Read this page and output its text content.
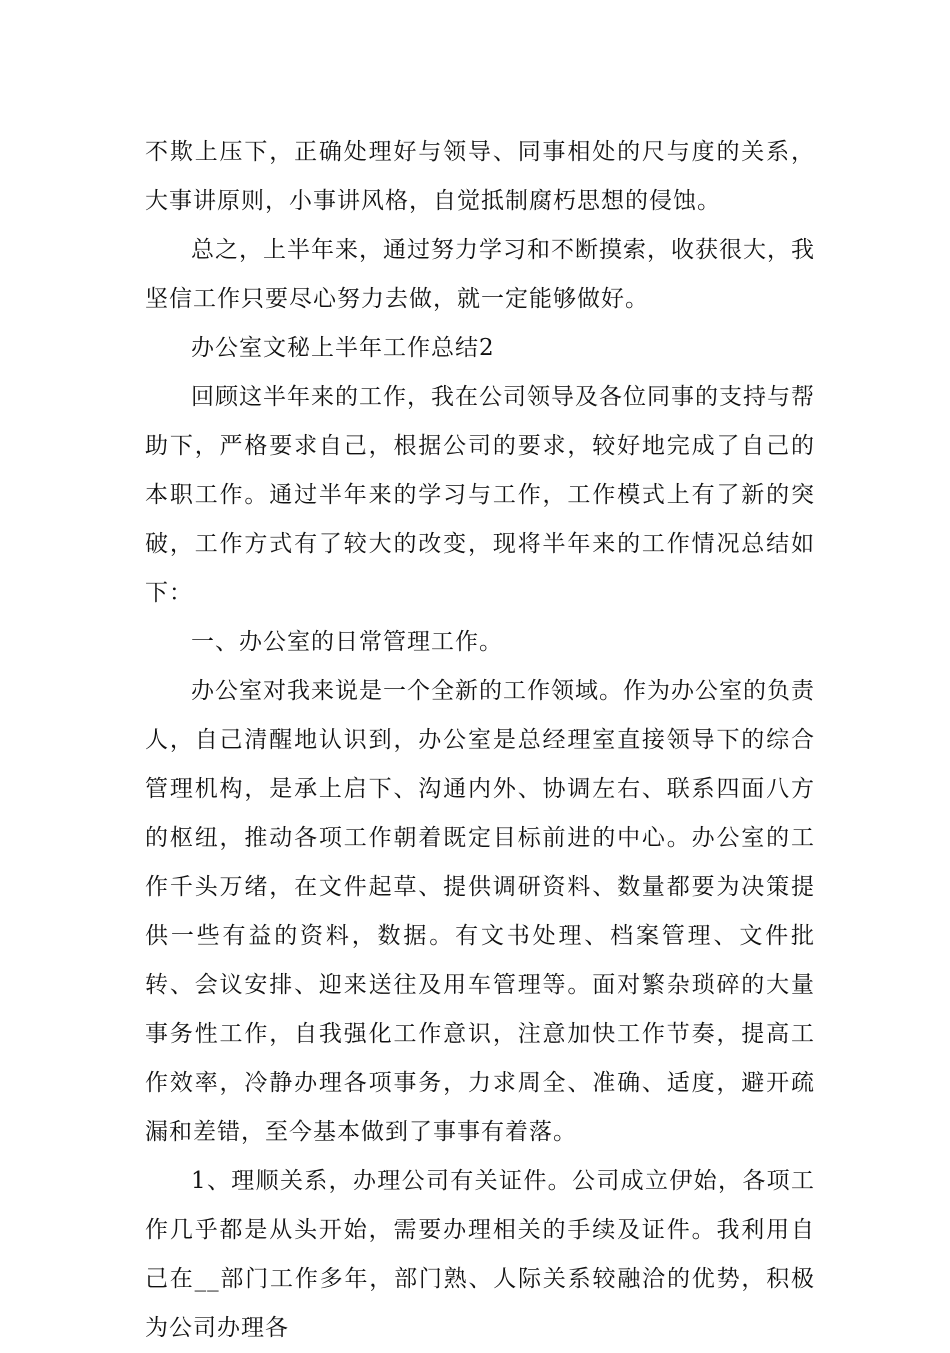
不欺上压下，正确处理好与领导、同事相处的尺与度的关系，大事讲原则，小事讲风格，自觉抵制腐朽思想的侵蚀。

总之，上半年来，通过努力学习和不断摸索，收获很大，我坚信工作只要尽心努力去做，就一定能够做好。

办公室文秘上半年工作总结2

回顾这半年来的工作，我在公司领导及各位同事的支持与帮助下，严格要求自己，根据公司的要求，较好地完成了自己的本职工作。通过半年来的学习与工作，工作模式上有了新的突破，工作方式有了较大的改变，现将半年来的工作情况总结如下：

一、办公室的日常管理工作。

办公室对我来说是一个全新的工作领域。作为办公室的负责人，自己清醒地认识到，办公室是总经理室直接领导下的综合管理机构，是承上启下、沟通内外、协调左右、联系四面八方的枢纽，推动各项工作朝着既定目标前进的中心。办公室的工作千头万绪，在文件起草、提供调研资料、数量都要为决策提供一些有益的资料，数据。有文书处理、档案管理、文件批转、会议安排、迎来送往及用车管理等。面对繁杂琐碎的大量事务性工作，自我强化工作意识，注意加快工作节奏，提高工作效率，冷静办理各项事务，力求周全、准确、适度，避开疏漏和差错，至今基本做到了事事有着落。

1、理顺关系，办理公司有关证件。公司成立伊始，各项工作几乎都是从头开始，需要办理相关的手续及证件。我利用自己在__部门工作多年，部门熟、人际关系较融洽的优势，积极为公司办理各
